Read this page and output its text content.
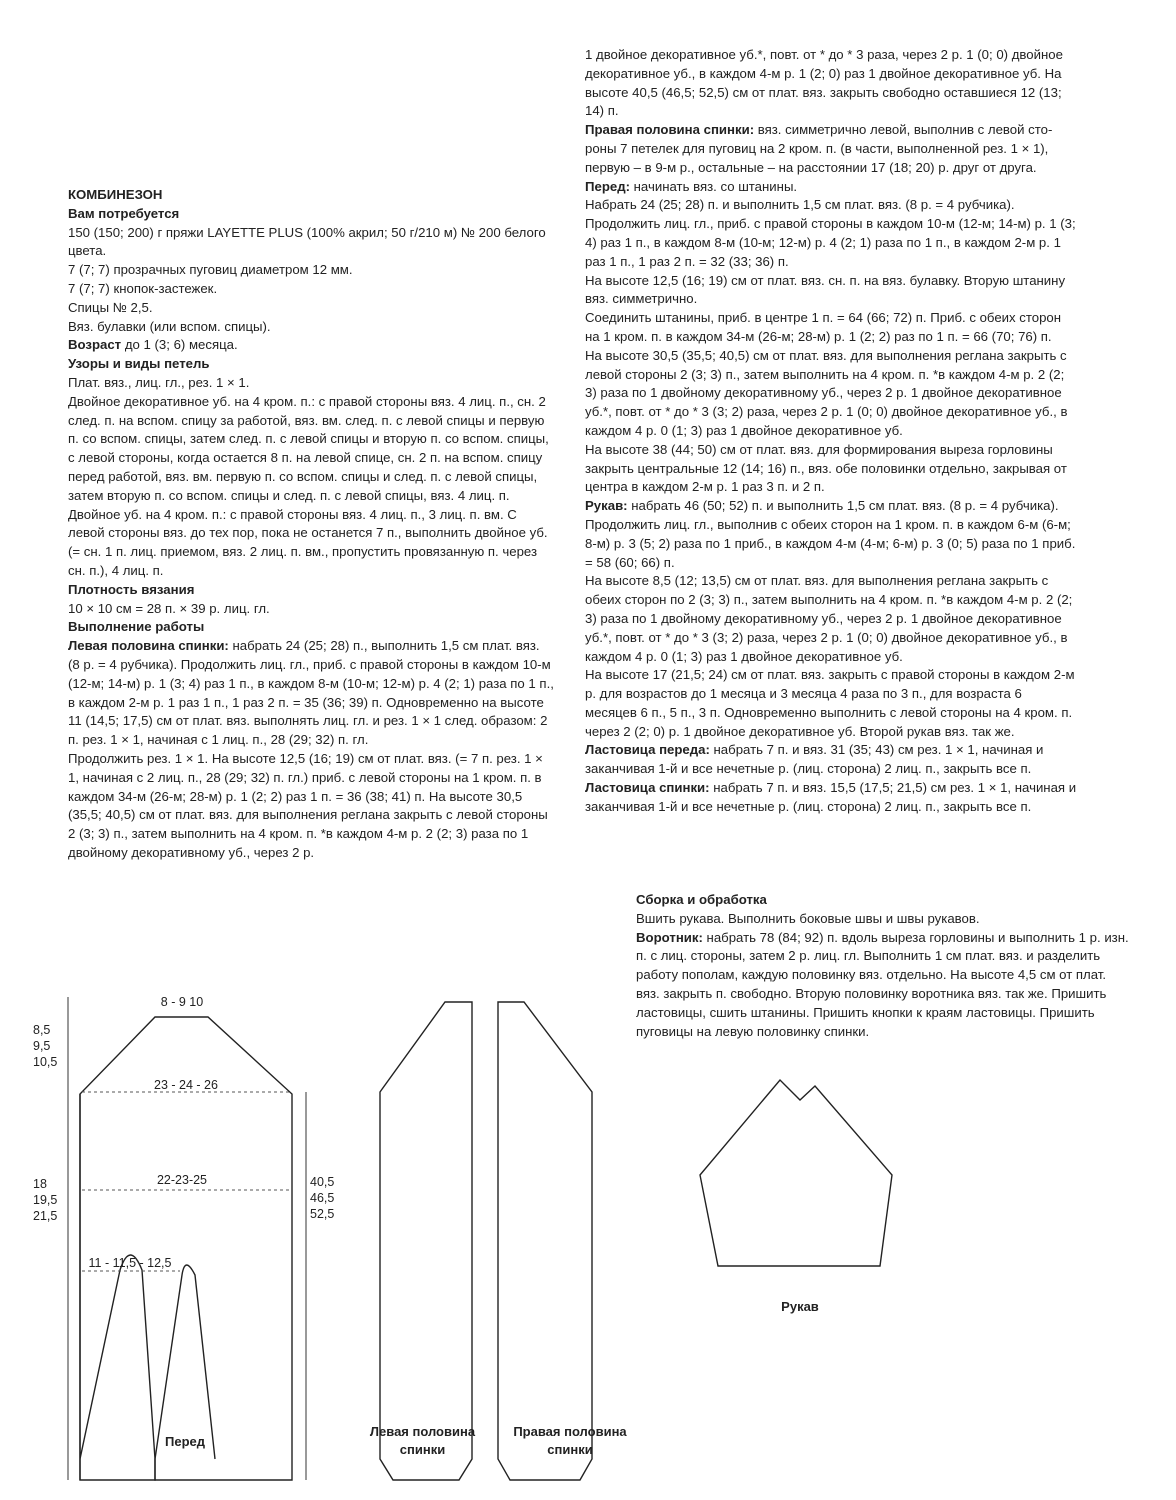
КОМБИНЕЗОН

Вам потребуется

150 (150; 200) г пряжи LAYETTE PLUS (100% акрил; 50 г/210 м) № 200 белого цвета.

7 (7; 7) прозрачных пуговиц диаметром 12 мм.

7 (7; 7) кнопок-застежек.

Спицы № 2,5.

Вяз. булавки (или вспом. спицы).

Возраст до 1 (3; 6) месяца.

Узоры и виды петель

Плат. вяз., лиц. гл., рез. 1 × 1.

Двойное декоративное уб. на 4 кром. п.: с правой стороны вяз. 4 лиц. п., сн. 2 след. п. на вспом. спицу за работой, вяз. вм. след. п. с левой спицы и первую п. со вспом. спицы, затем след. п. с левой спицы и вторую п. со вспом. спицы, с левой стороны, когда остается 8 п. на левой спице, сн. 2 п. на вспом. спицу перед работой, вяз. вм. первую п. со вспом. спицы и след. п. с левой спицы, затем вторую п. со вспом. спицы и след. п. с левой спицы, вяз. 4 лиц. п.

Двойное уб. на 4 кром. п.: с правой стороны вяз. 4 лиц. п., 3 лиц. п. вм. С левой стороны вяз. до тех пор, пока не останется 7 п., выполнить двойное уб. (= сн. 1 п. лиц. приемом, вяз. 2 лиц. п. вм., пропустить провязанную п. через сн. п.), 4 лиц. п.

Плотность вязания

10 × 10 см = 28 п. × 39 р. лиц. гл.

Выполнение работы

Левая половина спинки: набрать 24 (25; 28) п., выполнить 1,5 см плат. вяз. (8 р. = 4 рубчика). Продолжить лиц. гл., приб. с правой стороны в каждом 10-м (12-м; 14-м) р. 1 (3; 4) раз 1 п., в каждом 8-м (10-м; 12-м) р. 4 (2; 1) раза по 1 п., в каждом 2-м р. 1 раз 1 п., 1 раз 2 п. = 35 (36; 39) п. Одновременно на высоте 11 (14,5; 17,5) см от плат. вяз. выполнять лиц. гл. и рез. 1 × 1 след. образом: 2 п. рез. 1 × 1, начиная с 1 лиц. п., 28 (29; 32) п. гл.

Продолжить рез. 1 × 1. На высоте 12,5 (16; 19) см от плат. вяз. (= 7 п. рез. 1 × 1, начиная с 2 лиц. п., 28 (29; 32) п. гл.) приб. с левой стороны на 1 кром. п. в каждом 34-м (26-м; 28-м) р. 1 (2; 2) раз 1 п. = 36 (38; 41) п. На высоте 30,5 (35,5; 40,5) см от плат. вяз. для выполнения реглана закрыть с левой стороны 2 (3; 3) п., затем выполнить на 4 кром. п. *в каждом 4-м р. 2 (2; 3) раза по 1 двойному декоративному уб., через 2 р.

1 двойное декоративное уб.*, повт. от * до * 3 раза, через 2 р. 1 (0; 0) двойное декоративное уб., в каждом 4-м р. 1 (2; 0) раз 1 двойное декоративное уб. На высоте 40,5 (46,5; 52,5) см от плат. вяз. закрыть свободно оставшиеся 12 (13; 14) п.

Правая половина спинки: вяз. симметрично левой, выполнив с левой стороны 7 петелек для пуговиц на 2 кром. п. (в части, выполненной рез. 1 × 1), первую – в 9-м р., остальные – на расстоянии 17 (18; 20) р. друг от друга.

Перед: начинать вяз. со штанины.

Набрать 24 (25; 28) п. и выполнить 1,5 см плат. вяз. (8 р. = 4 рубчика). Продолжить лиц. гл., приб. с правой стороны в каждом 10-м (12-м; 14-м) р. 1 (3; 4) раз 1 п., в каждом 8-м (10-м; 12-м) р. 4 (2; 1) раза по 1 п., в каждом 2-м р. 1 раз 1 п., 1 раз 2 п. = 32 (33; 36) п.

На высоте 12,5 (16; 19) см от плат. вяз. сн. п. на вяз. булавку. Вторую штанину вяз. симметрично.

Соединить штанины, приб. в центре 1 п. = 64 (66; 72) п. Приб. с обеих сторон на 1 кром. п. в каждом 34-м (26-м; 28-м) р. 1 (2; 2) раз по 1 п. = 66 (70; 76) п.

На высоте 30,5 (35,5; 40,5) см от плат. вяз. для выполнения реглана закрыть с левой стороны 2 (3; 3) п., затем выполнить на 4 кром. п. *в каждом 4-м р. 2 (2; 3) раза по 1 двойному декоративному уб., через 2 р. 1 двойное декоративное уб.*, повт. от * до * 3 (3; 2) раза, через 2 р. 1 (0; 0) двойное декоративное уб., в каждом 4 р. 0 (1; 3) раз 1 двойное декоративное уб.

На высоте 38 (44; 50) см от плат. вяз. для формирования выреза горловины закрыть центральные 12 (14; 16) п., вяз. обе половинки отдельно, закрывая от центра в каждом 2-м р. 1 раз 3 п. и 2 п.

Рукав: набрать 46 (50; 52) п. и выполнить 1,5 см плат. вяз. (8 р. = 4 рубчика). Продолжить лиц. гл., выполнив с обеих сторон на 1 кром. п. в каждом 6-м (6-м; 8-м) р. 3 (5; 2) раза по 1 приб., в каждом 4-м (4-м; 6-м) р. 3 (0; 5) раза по 1 приб. = 58 (60; 66) п.

На высоте 8,5 (12; 13,5) см от плат. вяз. для выполнения реглана закрыть с обеих сторон по 2 (3; 3) п., затем выполнить на 4 кром. п. *в каждом 4-м р. 2 (2; 3) раза по 1 двойному декоративному уб., через 2 р. 1 двойное декоративное уб.*, повт. от * до * 3 (3; 2) раза, через 2 р. 1 (0; 0) двойное декоративное уб., в каждом 4 р. 0 (1; 3) раз 1 двойное декоративное уб.

На высоте 17 (21,5; 24) см от плат. вяз. закрыть с правой стороны в каждом 2-м р. для возрастов до 1 месяца и 3 месяца 4 раза по 3 п., для возраста 6 месяцев 6 п., 5 п., 3 п. Одновременно выполнить с левой стороны на 4 кром. п. через 2 (2; 0) р. 1 двойное декоративное уб. Второй рукав вяз. так же.

Ластовица переда: набрать 7 п. и вяз. 31 (35; 43) см рез. 1 × 1, начиная и заканчивая 1-й и все нечетные р. (лиц. сторона) 2 лиц. п., закрыть все п.

Ластовица спинки: набрать 7 п. и вяз. 15,5 (17,5; 21,5) см рез. 1 × 1, начиная и заканчивая 1-й и все нечетные р. (лиц. сторона) 2 лиц. п., закрыть все п.

Сборка и обработка

Вшить рукава. Выполнить боковые швы и швы рукавов.

Воротник: набрать 78 (84; 92) п. вдоль выреза горловины и выполнить 1 р. изн. п. с лиц. стороны, затем 2 р. лиц. гл. Выполнить 1 см плат. вяз. и разделить работу пополам, каждую половинку вяз. отдельно. На высоте 4,5 см от плат. вяз. закрыть п. свободно. Вторую половинку воротника вяз. так же. Пришить ластовицы, сшить штанины. Пришить кнопки к краям ластовицы. Пришить пуговицы на левую половинку спинки.

8 - 9 10
8,5
9,5
10,5
23 - 24 - 26
22-23-25
18
19,5
21,5
40,5
46,5
52,5
11 - 11,5 - 12,5
Перед
Левая половина спинки
Правая половина спинки
Рукав
